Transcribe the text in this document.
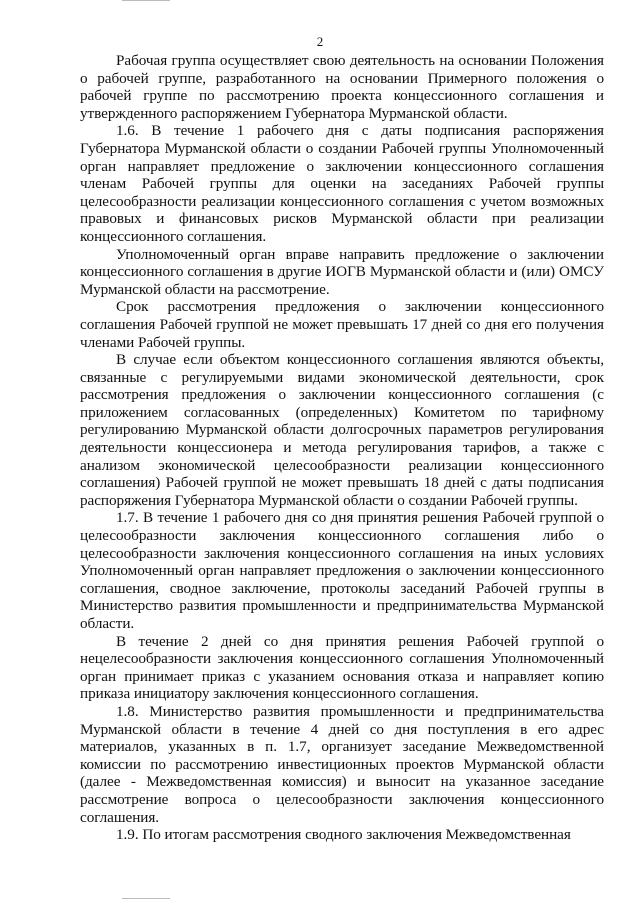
2

Рабочая группа осуществляет свою деятельность на основании Положения о рабочей группе, разработанного на основании Примерного положения о рабочей группе по рассмотрению проекта концессионного соглашения и утвержденного распоряжением Губернатора Мурманской области.

1.6. В течение 1 рабочего дня с даты подписания распоряжения Губернатора Мурманской области о создании Рабочей группы Уполномоченный орган направляет предложение о заключении концессионного соглашения членам Рабочей группы для оценки на заседаниях Рабочей группы целесообразности реализации концессионного соглашения с учетом возможных правовых и финансовых рисков Мурманской области при реализации концессионного соглашения.

Уполномоченный орган вправе направить предложение о заключении концессионного соглашения в другие ИОГВ Мурманской области и (или) ОМСУ Мурманской области на рассмотрение.

Срок рассмотрения предложения о заключении концессионного соглашения Рабочей группой не может превышать 17 дней со дня его получения членами Рабочей группы.

В случае если объектом концессионного соглашения являются объекты, связанные с регулируемыми видами экономической деятельности, срок рассмотрения предложения о заключении концессионного соглашения (с приложением согласованных (определенных) Комитетом по тарифному регулированию Мурманской области долгосрочных параметров регулирования деятельности концессионера и метода регулирования тарифов, а также с анализом экономической целесообразности реализации концессионного соглашения) Рабочей группой не может превышать 18 дней с даты подписания распоряжения Губернатора Мурманской области о создании Рабочей группы.

1.7. В течение 1 рабочего дня со дня принятия решения Рабочей группой о целесообразности заключения концессионного соглашения либо о целесообразности заключения концессионного соглашения на иных условиях Уполномоченный орган направляет предложения о заключении концессионного соглашения, сводное заключение, протоколы заседаний Рабочей группы в Министерство развития промышленности и предпринимательства Мурманской области.

В течение 2 дней со дня принятия решения Рабочей группой о нецелесообразности заключения концессионного соглашения Уполномоченный орган принимает приказ с указанием основания отказа и направляет копию приказа инициатору заключения концессионного соглашения.

1.8. Министерство развития промышленности и предпринимательства Мурманской области в течение 4 дней со дня поступления в его адрес материалов, указанных в п. 1.7, организует заседание Межведомственной комиссии по рассмотрению инвестиционных проектов Мурманской области (далее - Межведомственная комиссия) и выносит на указанное заседание рассмотрение вопроса о целесообразности заключения концессионного соглашения.

1.9. По итогам рассмотрения сводного заключения Межведомственная
